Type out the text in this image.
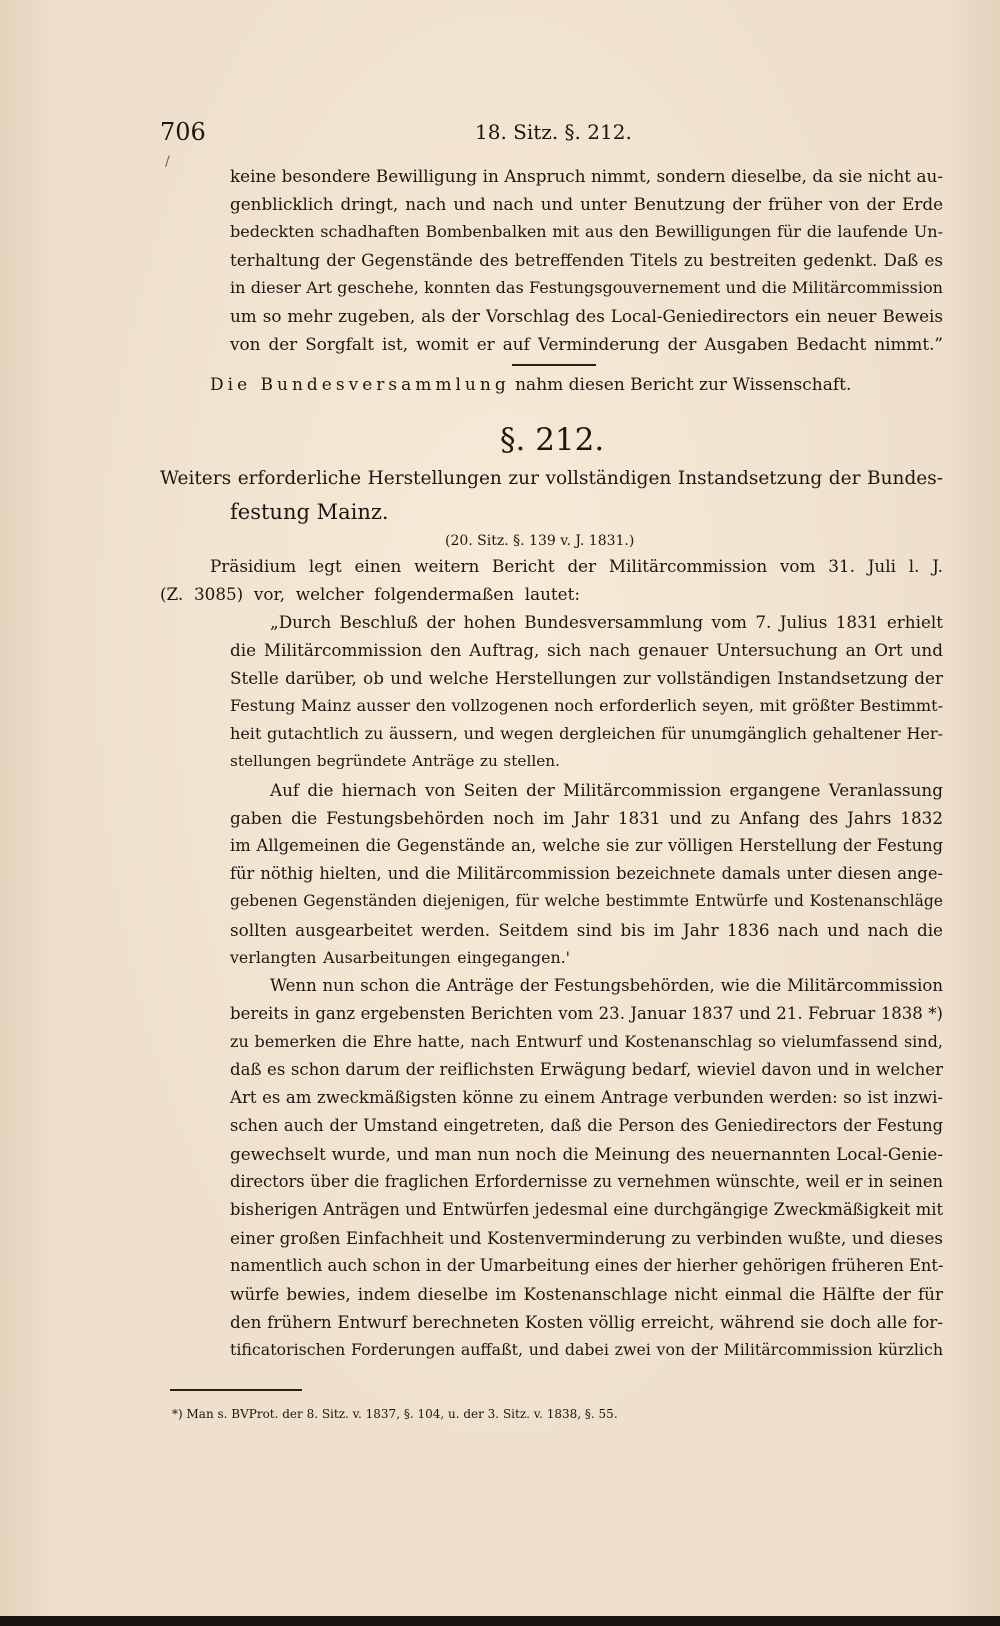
706	18. Sitz. §. 212.
/
keine besondere Bewilligung in Anspruch nimmt, sondern dieselbe, da sie nicht au-
genblicklich dringt, nach und nach und unter Benutzung der früher von der Erde
bedeckten schadhaften Bombenbalken mit aus den Bewilligungen für die laufende Un-
terhaltung der Gegenstände des betreffenden Titels zu bestreiten gedenkt. Daß es
in dieser Art geschehe, konnten das Festungsgouvernement und die Militärcommission
um so mehr zugeben, als der Vorschlag des Local-Geniedirectors ein neuer Beweis
von der Sorgfalt ist, womit er auf Verminderung der Ausgaben Bedacht nimmt.”
Die Bundesversammlung nahm diesen Bericht zur Wissenschaft.
§. 212.
Weiters erforderliche Herstellungen zur vollständigen Instandsetzung der Bundes-
festung Mainz.
(20. Sitz. §. 139 v. J. 1831.)
Präsidium legt einen weitern Bericht der Militärcommission vom 31. Juli l. J.
(Z. 3085) vor, welcher folgendermaßen lautet:
„Durch Beschluß der hohen Bundesversammlung vom 7. Julius 1831 erhielt
die Militärcommission den Auftrag, sich nach genauer Untersuchung an Ort und
Stelle darüber, ob und welche Herstellungen zur vollständigen Instandsetzung der
Festung Mainz ausser den vollzogenen noch erforderlich seyen, mit größter Bestimmt-
heit gutachtlich zu äussern, und wegen dergleichen für unumgänglich gehaltener Her-
stellungen begründete Anträge zu stellen.
Auf die hiernach von Seiten der Militärcommission ergangene Veranlassung
gaben die Festungsbehörden noch im Jahr 1831 und zu Anfang des Jahrs 1832
im Allgemeinen die Gegenstände an, welche sie zur völligen Herstellung der Festung
für nöthig hielten, und die Militärcommission bezeichnete damals unter diesen ange-
gebenen Gegenständen diejenigen, für welche bestimmte Entwürfe und Kostenanschläge
sollten ausgearbeitet werden. Seitdem sind bis im Jahr 1836 nach und nach die
verlangten Ausarbeitungen eingegangen.'
Wenn nun schon die Anträge der Festungsbehörden, wie die Militärcommission
bereits in ganz ergebensten Berichten vom 23. Januar 1837 und 21. Februar 1838 *)
zu bemerken die Ehre hatte, nach Entwurf und Kostenanschlag so vielumfassend sind,
daß es schon darum der reiflichsten Erwägung bedarf, wieviel davon und in welcher
Art es am zweckmäßigsten könne zu einem Antrage verbunden werden: so ist inzwi-
schen auch der Umstand eingetreten, daß die Person des Geniedirectors der Festung
gewechselt wurde, und man nun noch die Meinung des neuernannten Local-Genie-
directors über die fraglichen Erfordernisse zu vernehmen wünschte, weil er in seinen
bisherigen Anträgen und Entwürfen jedesmal eine durchgängige Zweckmäßigkeit mit
einer großen Einfachheit und Kostenverminderung zu verbinden wußte, und dieses
namentlich auch schon in der Umarbeitung eines der hierher gehörigen früheren Ent-
würfe bewies, indem dieselbe im Kostenanschlage nicht einmal die Hälfte der für
den frühern Entwurf berechneten Kosten völlig erreicht, während sie doch alle for-
tificatorischen Forderungen auffaßt, und dabei zwei von der Militärcommission kürzlich
*) Man s. BVProt. der 8. Sitz. v. 1837, §. 104, u. der 3. Sitz. v. 1838, §. 55.
